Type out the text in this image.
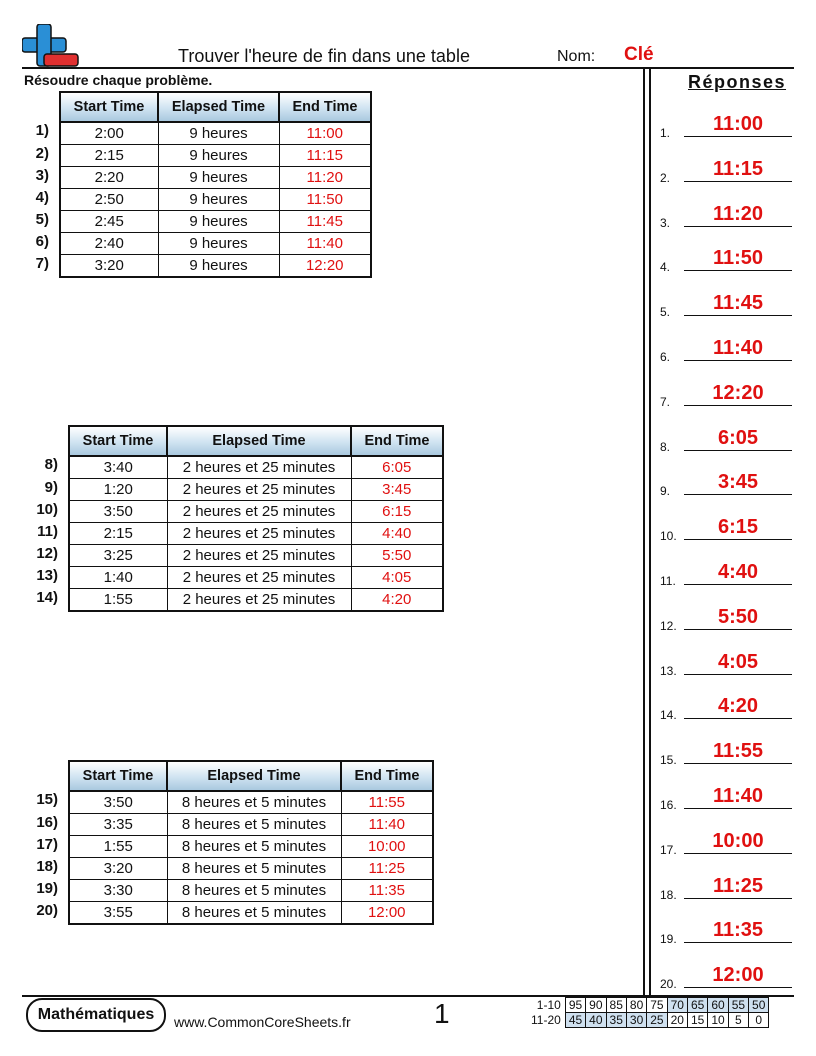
Trouver l'heure de fin dans une table	Nom: Clé
Résoudre chaque problème.
Start Time	Elapsed Time	End Time
2:00	9 heures	11:00
2:15	9 heures	11:15
2:20	9 heures	11:20
2:50	9 heures	11:50
2:45	9 heures	11:45
2:40	9 heures	11:40
3:20	9 heures	12:20
Start Time	Elapsed Time	End Time
3:40	2 heures et 25 minutes	6:05
1:20	2 heures et 25 minutes	3:45
3:50	2 heures et 25 minutes	6:15
2:15	2 heures et 25 minutes	4:40
3:25	2 heures et 25 minutes	5:50
1:40	2 heures et 25 minutes	4:05
1:55	2 heures et 25 minutes	4:20
Start Time	Elapsed Time	End Time
3:50	8 heures et 5 minutes	11:55
3:35	8 heures et 5 minutes	11:40
1:55	8 heures et 5 minutes	10:00
3:20	8 heures et 5 minutes	11:25
3:30	8 heures et 5 minutes	11:35
3:55	8 heures et 5 minutes	12:00
1)
2)
3)
4)
5)
6)
7)
8)
9)
10)
11)
12)
13)
14)
15)
16)
17)
18)
19)
20)
Réponses
1.	11:00
2.	11:15
3.	11:20
4.	11:50
5.	11:45
6.	11:40
7.	12:20
8.	6:05
9.	3:45
10.	6:15
11.	4:40
12.	5:50
13.	4:05
14.	4:20
15.	11:55
16.	11:40
17.	10:00
18.	11:25
19.	11:35
20.	12:00
Mathématiques	www.CommonCoreSheets.fr	1	1-10	95	90	85	80	75	70	65	60	55	50
11-20	45	40	35	30	25	20	15	10	5	0
